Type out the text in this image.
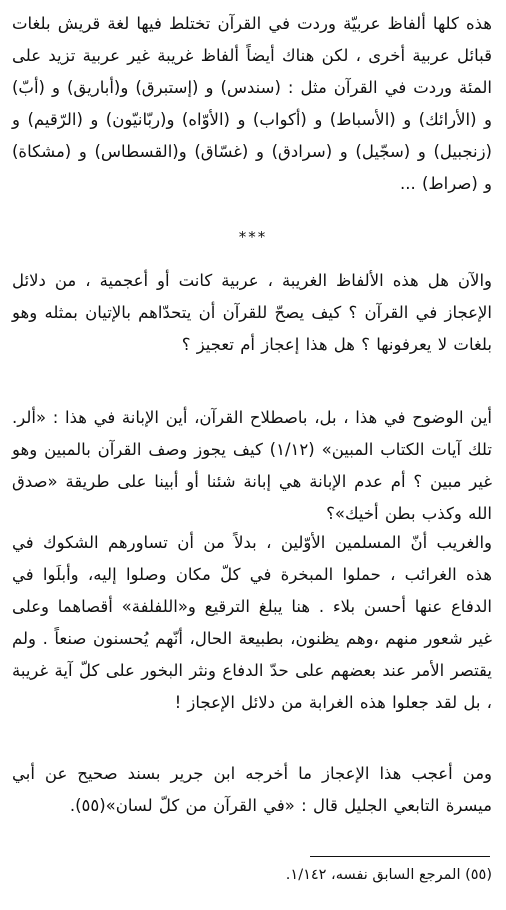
هذه كلها ألفاظ عربيّة وردت في القرآن تختلط فيها لغة قريش بلغات قبائل عربية أخرى ، لكن هناك أيضاً ألفاظ غريبة غير عربية تزيد على المئة وردت في القرآن مثل : (سندس) و (إستبرق) و(أباريق) و (أبّ) و (الأرائك) و (الأسباط) و (أكواب) و (الأوّاه) و(ربّانيّون) و (الرّقيم) و (زنجبيل) و (سجّيل) و (سرادق) و (غسّاق) و(القسطاس) و (مشكاة) و (صراط) ...

***

والآن هل هذه الألفاظ الغريبة ، عربية كانت أو أعجمية ، من دلائل الإعجاز في القرآن ؟ كيف يصحّ للقرآن أن يتحدّاهم بالإتيان بمثله وهو بلغات لا يعرفونها ؟ هل هذا إعجاز أم تعجيز ؟

أين الوضوح في هذا ، بل، باصطلاح القرآن، أين الإبانة في هذا : «ألر. تلك آيات الكتاب المبين» (١/١٢) كيف يجوز وصف القرآن بالمبين وهو غير مبين ؟ أم عدم الإبانة هي إبانة شئنا أو أبينا على طريقة «صدق الله وكذب بطن أخيك»؟

والغريب أنّ المسلمين الأوّلين ، بدلاً من أن تساورهم الشكوك في هذه الغرائب ، حملوا المبخرة في كلّ مكان وصلوا إليه، وأبلَوا في الدفاع عنها أحسن بلاء . هنا يبلغ الترقيع و«اللفلفة» أقصاهما وعلى غير شعور منهم ،وهم يظنون، بطبيعة الحال، أنّهم يُحسنون صنعاً . ولم يقتصر الأمر عند بعضهم على حدّ الدفاع ونثر البخور على كلّ آية غريبة ، بل لقد جعلوا هذه الغرابة من دلائل الإعجاز !

ومن أعجب هذا الإعجاز ما أخرجه ابن جرير بسند صحيح عن أبي ميسرة التابعي الجليل قال : «في القرآن من كلّ لسان»(٥٥).

(٥٥) المرجع السابق نفسه، ١/١٤٢.
